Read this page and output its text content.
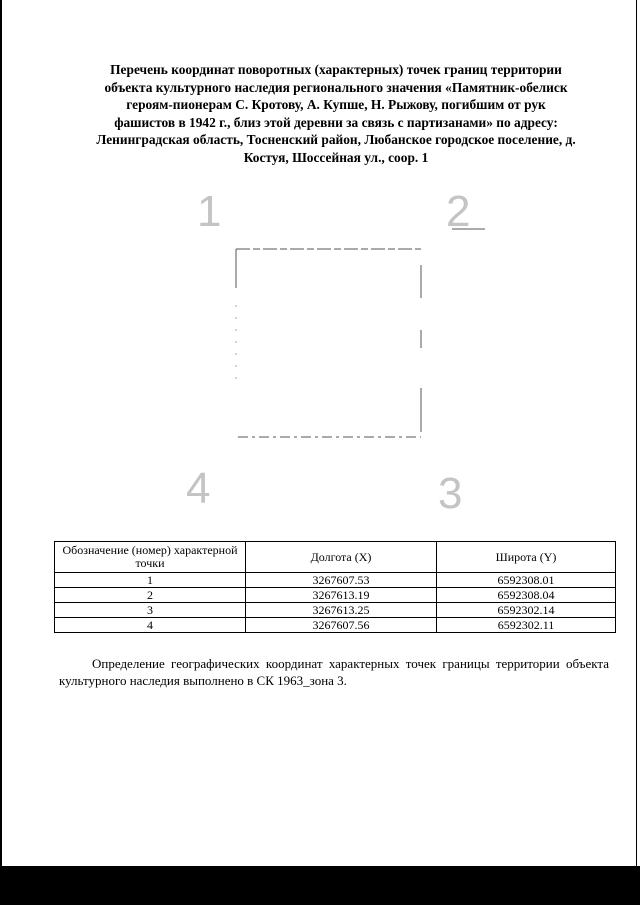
Перечень координат поворотных (характерных) точек границ территории
объекта культурного наследия регионального значения «Памятник-обелиск
героям-пионерам С. Кротову, А. Купше, Н. Рыжову, погибшим от рук
фашистов в 1942 г., близ этой деревни за связь с партизанами» по адресу:
Ленинградская область, Тосненский район, Любанское городское поселение, д.
Костуя, Шоссейная ул., соор. 1
1	2
3
4
Обозначение (номер) характерной точки	Долгота (X)	Широта (Y)
1	3267607.53	6592308.01
2	3267613.19	6592308.04
3	3267613.25	6592302.14
4	3267607.56	6592302.11
Определение географических координат характерных точек границы территории объекта культурного наследия выполнено в СК 1963_зона 3.
